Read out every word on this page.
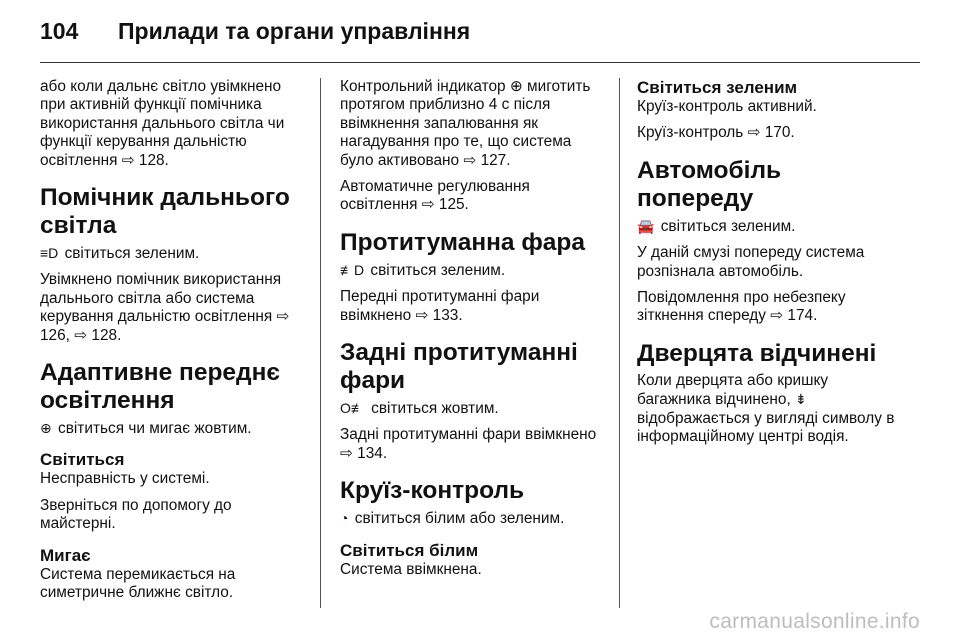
104 Прилади та органи управління

або коли дальнє світло увімкнено при активній функції помічника використання дальнього світла чи функції керування дальністю освітлення ⇨ 128.

Помічник дальнього світла

≡D світиться зеленим.

Увімкнено помічник використання дальнього світла або система керування дальністю освітлення ⇨ 126, ⇨ 128.

Адаптивне переднє освітлення

⊕ світиться чи мигає жовтим.

Світиться

Несправність у системі.

Зверніться по допомогу до майстерні.

Мигає

Система перемикається на симетричне ближнє світло.

Контрольний індикатор ⊕ миготить протягом приблизно 4 с після ввімкнення запалювання як нагадування про те, що система було активовано ⇨ 127.

Автоматичне регулювання освітлення ⇨ 125.

Протитуманна фара

≢D світиться зеленим.

Передні протитуманні фари ввімкнено ⇨ 133.

Задні протитуманні фари

O≢ світиться жовтим.

Задні протитуманні фари ввімкнено ⇨ 134.

Круїз-контроль

◔ світиться білим або зеленим.

Світиться білим

Система ввімкнена.

Світиться зеленим

Круїз-контроль активний.

Круїз-контроль ⇨ 170.

Автомобіль попереду

🚘 світиться зеленим.

У даній смузі попереду система розпізнала автомобіль.

Повідомлення про небезпеку зіткнення спереду ⇨ 174.

Дверцята відчинені

Коли дверцята або кришку багажника відчинено, ⇟ відображається у вигляді символу в інформаційному центрі водія.

carmanualsonline.info
